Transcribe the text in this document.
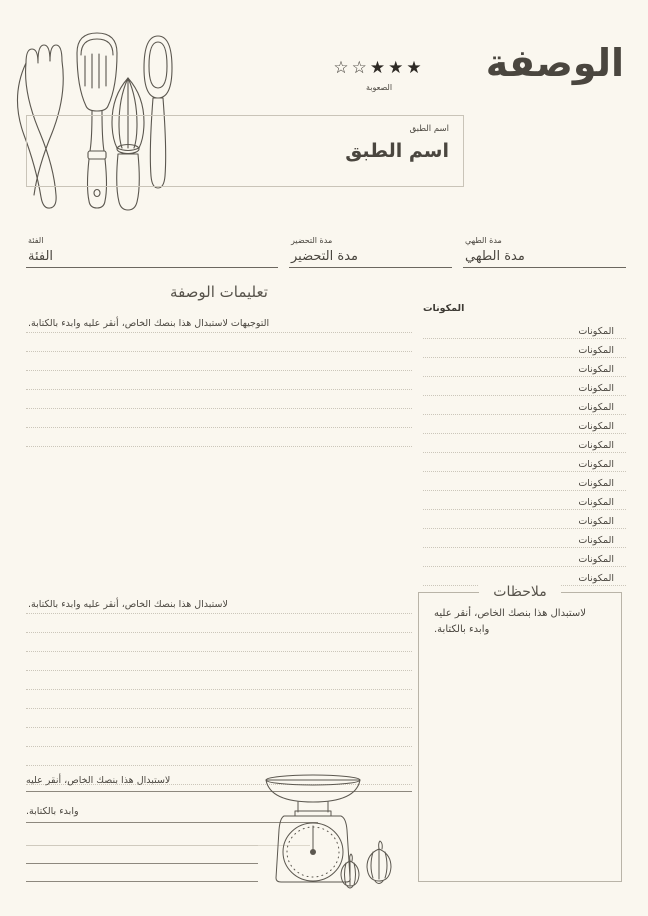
الوصفة
☆☆★★★
الصعوبة
اسم الطبق
اسم الطبق
الفئة
الفئة
مدة التحضير
مدة التحضير
مدة الطهي
مدة الطهي
تعليمات الوصفة
المكونات
المكونات
المكونات
المكونات
المكونات
المكونات
المكونات
المكونات
المكونات
المكونات
المكونات
المكونات
المكونات
المكونات
المكونات
التوجيهات لاستبدال هذا بنصك الخاص، أنقر عليه وابدء بالكتابة.
لاستبدال هذا بنصك الخاص، أنقر عليه وابدء بالكتابة.
ملاحظات
لاستبدال هذا بنصك الخاص، أنقر عليه وابدء بالكتابة.
لاستبدال هذا بنصك الخاص، أنقر عليه
وابدء بالكتابة.
